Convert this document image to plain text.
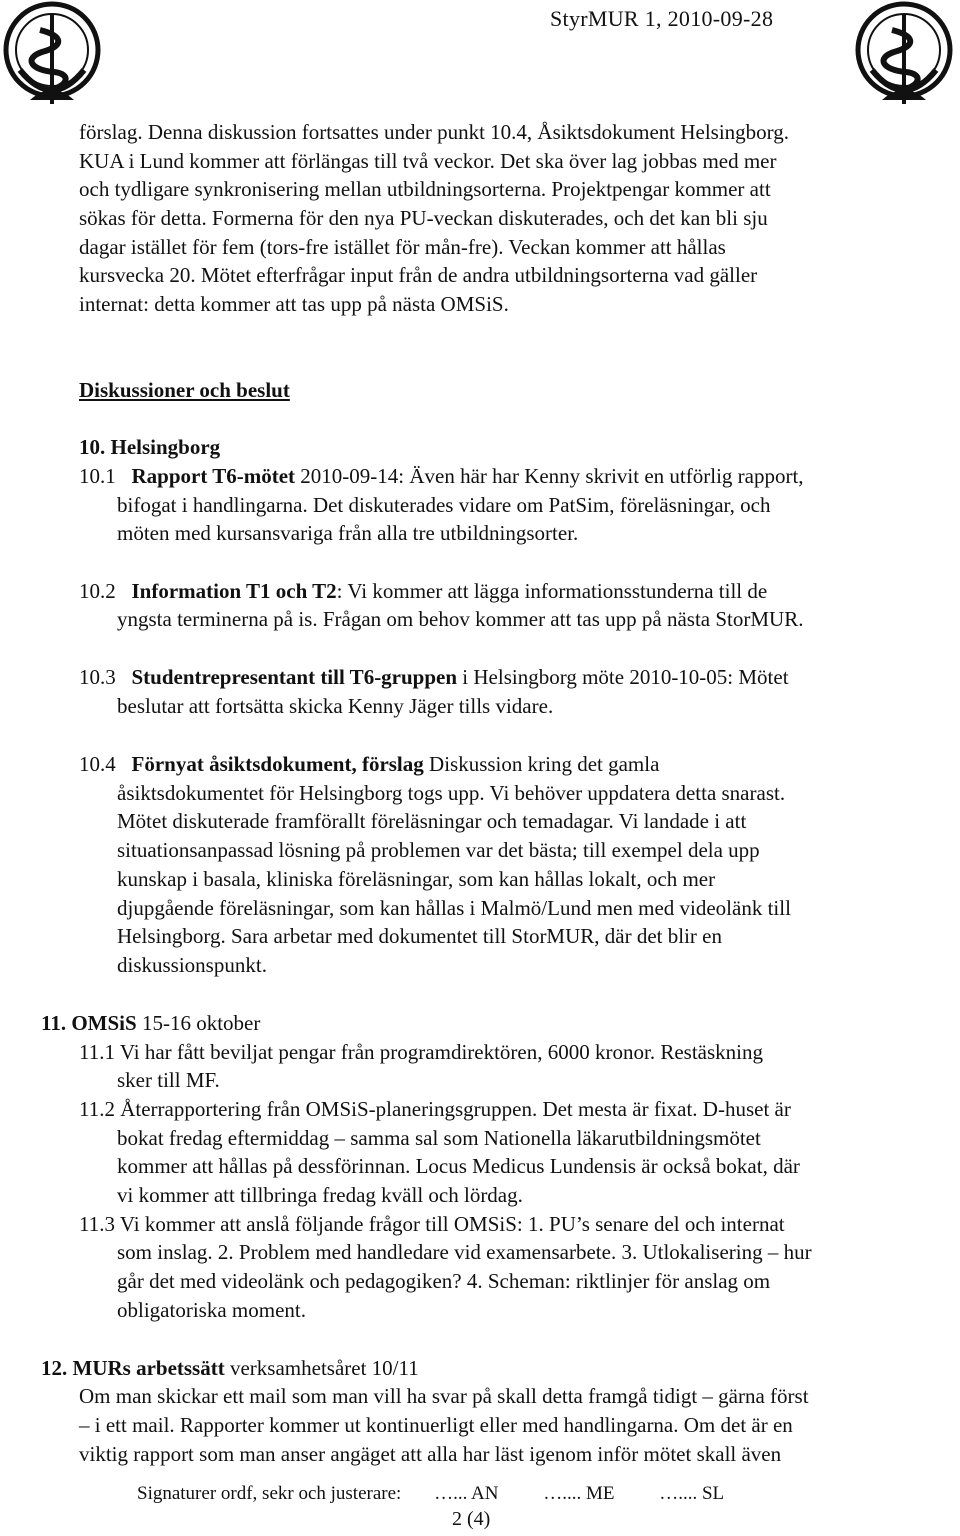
StyrMUR 1, 2010-09-28
förslag. Denna diskussion fortsattes under punkt 10.4, Åsiktsdokument Helsingborg.
KUA i Lund kommer att förlängas till två veckor. Det ska över lag jobbas med mer
och tydligare synkronisering mellan utbildningsorterna. Projektpengar kommer att
sökas för detta. Formerna för den nya PU-veckan diskuterades, och det kan bli sju
dagar istället för fem (tors-fre istället för mån-fre). Veckan kommer att hållas
kursvecka 20. Mötet efterfrågar input från de andra utbildningsorterna vad gäller
internat: detta kommer att tas upp på nästa OMSiS.
Diskussioner och beslut
10. Helsingborg
10.1 Rapport T6-mötet 2010-09-14: Även här har Kenny skrivit en utförlig rapport,
bifogat i handlingarna. Det diskuterades vidare om PatSim, föreläsningar, och
möten med kursansvariga från alla tre utbildningsorter.
10.2 Information T1 och T2: Vi kommer att lägga informationsstunderna till de
yngsta terminerna på is. Frågan om behov kommer att tas upp på nästa StorMUR.
10.3 Studentrepresentant till T6-gruppen i Helsingborg möte 2010-10-05: Mötet
beslutar att fortsätta skicka Kenny Jäger tills vidare.
10.4 Förnyat åsiktsdokument, förslag Diskussion kring det gamla
åsiktsdokumentet för Helsingborg togs upp. Vi behöver uppdatera detta snarast.
Mötet diskuterade framförallt föreläsningar och temadagar. Vi landade i att
situationsanpassad lösning på problemen var det bästa; till exempel dela upp
kunskap i basala, kliniska föreläsningar, som kan hållas lokalt, och mer
djupgående föreläsningar, som kan hållas i Malmö/Lund men med videolänk till
Helsingborg. Sara arbetar med dokumentet till StorMUR, där det blir en
diskussionspunkt.
11. OMSiS 15-16 oktober
11.1 Vi har fått beviljat pengar från programdirektören, 6000 kronor. Restäskning
sker till MF.
11.2 Återrapportering från OMSiS-planeringsgruppen. Det mesta är fixat. D-huset är
bokat fredag eftermiddag – samma sal som Nationella läkarutbildningsmötet
kommer att hållas på dessförinnan. Locus Medicus Lundensis är också bokat, där
vi kommer att tillbringa fredag kväll och lördag.
11.3 Vi kommer att anslå följande frågor till OMSiS: 1. PU’s senare del och internat
som inslag. 2. Problem med handledare vid examensarbete. 3. Utlokalisering – hur
går det med videolänk och pedagogiken? 4. Scheman: riktlinjer för anslag om
obligatoriska moment.
12. MURs arbetssätt verksamhetsåret 10/11
Om man skickar ett mail som man vill ha svar på skall detta framgå tidigt – gärna först
– i ett mail. Rapporter kommer ut kontinuerligt eller med handlingarna. Om det är en
viktig rapport som man anser angäget att alla har läst igenom inför mötet skall även
Signaturer ordf, sekr och justerare: …... AN ….... ME ….... SL
2 (4)
